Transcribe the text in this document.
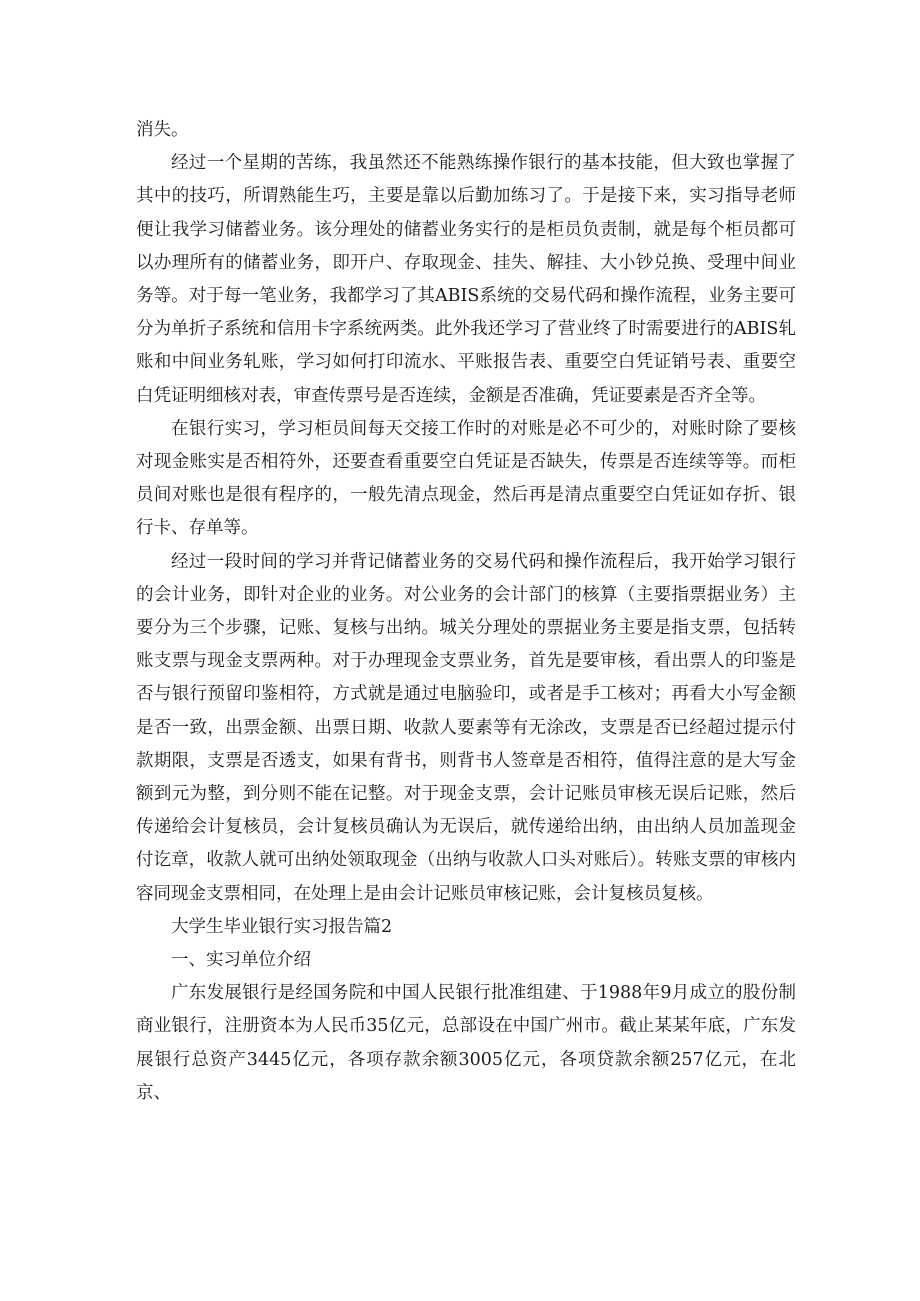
消失。

经过一个星期的苦练，我虽然还不能熟练操作银行的基本技能，但大致也掌握了其中的技巧，所谓熟能生巧，主要是靠以后勤加练习了。于是接下来，实习指导老师便让我学习储蓄业务。该分理处的储蓄业务实行的是柜员负责制，就是每个柜员都可以办理所有的储蓄业务，即开户、存取现金、挂失、解挂、大小钞兑换、受理中间业务等。对于每一笔业务，我都学习了其ABIS系统的交易代码和操作流程，业务主要可分为单折子系统和信用卡字系统两类。此外我还学习了营业终了时需要进行的ABIS轧账和中间业务轧账，学习如何打印流水、平账报告表、重要空白凭证销号表、重要空白凭证明细核对表，审查传票号是否连续，金额是否准确，凭证要素是否齐全等。

在银行实习，学习柜员间每天交接工作时的对账是必不可少的，对账时除了要核对现金账实是否相符外，还要查看重要空白凭证是否缺失，传票是否连续等等。而柜员间对账也是很有程序的，一般先清点现金，然后再是清点重要空白凭证如存折、银行卡、存单等。

经过一段时间的学习并背记储蓄业务的交易代码和操作流程后，我开始学习银行的会计业务，即针对企业的业务。对公业务的会计部门的核算（主要指票据业务）主要分为三个步骤，记账、复核与出纳。城关分理处的票据业务主要是指支票，包括转账支票与现金支票两种。对于办理现金支票业务，首先是要审核，看出票人的印鉴是否与银行预留印鉴相符，方式就是通过电脑验印，或者是手工核对；再看大小写金额是否一致，出票金额、出票日期、收款人要素等有无涂改，支票是否已经超过提示付款期限，支票是否透支，如果有背书，则背书人签章是否相符，值得注意的是大写金额到元为整，到分则不能在记整。对于现金支票，会计记账员审核无误后记账，然后传递给会计复核员，会计复核员确认为无误后，就传递给出纳，由出纳人员加盖现金付讫章，收款人就可出纳处领取现金（出纳与收款人口头对账后）。转账支票的审核内容同现金支票相同，在处理上是由会计记账员审核记账，会计复核员复核。

大学生毕业银行实习报告篇2

一、实习单位介绍

广东发展银行是经国务院和中国人民银行批准组建、于1988年9月成立的股份制商业银行，注册资本为人民币35亿元，总部设在中国广州市。截止某某年底，广东发展银行总资产3445亿元，各项存款余额3005亿元，各项贷款余额257亿元，在北京、
